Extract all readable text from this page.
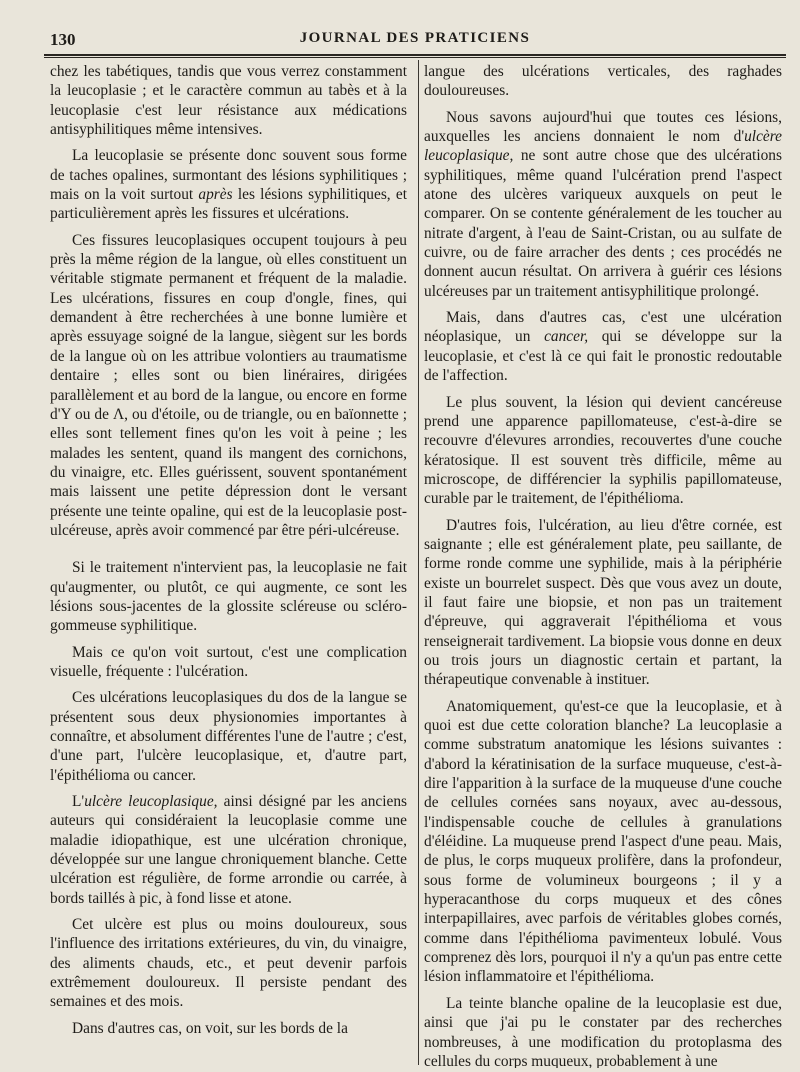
130	JOURNAL DES PRATICIENS

chez les tabétiques, tandis que vous verrez constamment la leucoplasie ; et le caractère commun au tabès et à la leucoplasie c'est leur résistance aux médications antisyphilitiques même intensives.

La leucoplasie se présente donc souvent sous forme de taches opalines, surmontant des lésions syphilitiques ; mais on la voit surtout après les lésions syphilitiques, et particulièrement après les fissures et ulcérations.

Ces fissures leucoplasiques occupent toujours à peu près la même région de la langue, où elles constituent un véritable stigmate permanent et fréquent de la maladie. Les ulcérations, fissures en coup d'ongle, fines, qui demandent à être recherchées à une bonne lumière et après essuyage soigné de la langue, siègent sur les bords de la langue où on les attribue volontiers au traumatisme dentaire ; elles sont ou bien linéraires, dirigées parallèlement et au bord de la langue, ou encore en forme d'Y ou de Λ, ou d'étoile, ou de triangle, ou en baïonnette ; elles sont tellement fines qu'on les voit à peine ; les malades les sentent, quand ils mangent des cornichons, du vinaigre, etc. Elles guérissent, souvent spontanément mais laissent une petite dépression dont le versant présente une teinte opaline, qui est de la leucoplasie post-ulcéreuse, après avoir commencé par être péri-ulcéreuse.

Si le traitement n'intervient pas, la leucoplasie ne fait qu'augmenter, ou plutôt, ce qui augmente, ce sont les lésions sous-jacentes de la glossite scléreuse ou scléro-gommeuse syphilitique.

Mais ce qu'on voit surtout, c'est une complication visuelle, fréquente : l'ulcération.

Ces ulcérations leucoplasiques du dos de la langue se présentent sous deux physionomies importantes à connaître, et absolument différentes l'une de l'autre ; c'est, d'une part, l'ulcère leucoplasique, et, d'autre part, l'épithélioma ou cancer.

L'ulcère leucoplasique, ainsi désigné par les anciens auteurs qui considéraient la leucoplasie comme une maladie idiopathique, est une ulcération chronique, développée sur une langue chroniquement blanche. Cette ulcération est régulière, de forme arrondie ou carrée, à bords taillés à pic, à fond lisse et atone.

Cet ulcère est plus ou moins douloureux, sous l'influence des irritations extérieures, du vin, du vinaigre, des aliments chauds, etc., et peut devenir parfois extrêmement douloureux. Il persiste pendant des semaines et des mois.

Dans d'autres cas, on voit, sur les bords de la

langue des ulcérations verticales, des raghades douloureuses.

Nous savons aujourd'hui que toutes ces lésions, auxquelles les anciens donnaient le nom d'ulcère leucoplasique, ne sont autre chose que des ulcérations syphilitiques, même quand l'ulcération prend l'aspect atone des ulcères variqueux auxquels on peut le comparer. On se contente généralement de les toucher au nitrate d'argent, à l'eau de Saint-Cristan, ou au sulfate de cuivre, ou de faire arracher des dents ; ces procédés ne donnent aucun résultat. On arrivera à guérir ces lésions ulcéreuses par un traitement antisyphilitique prolongé.

Mais, dans d'autres cas, c'est une ulcération néoplasique, un cancer, qui se développe sur la leucoplasie, et c'est là ce qui fait le pronostic redoutable de l'affection.

Le plus souvent, la lésion qui devient cancéreuse prend une apparence papillomateuse, c'est-à-dire se recouvre d'élevures arrondies, recouvertes d'une couche kératosique. Il est souvent très difficile, même au microscope, de différencier la syphilis papillomateuse, curable par le traitement, de l'épithélioma.

D'autres fois, l'ulcération, au lieu d'être cornée, est saignante ; elle est généralement plate, peu saillante, de forme ronde comme une syphilide, mais à la périphérie existe un bourrelet suspect. Dès que vous avez un doute, il faut faire une biopsie, et non pas un traitement d'épreuve, qui aggraverait l'épithélioma et vous renseignerait tardivement. La biopsie vous donne en deux ou trois jours un diagnostic certain et partant, la thérapeutique convenable à instituer.

Anatomiquement, qu'est-ce que la leucoplasie, et à quoi est due cette coloration blanche? La leucoplasie a comme substratum anatomique les lésions suivantes : d'abord la kératinisation de la surface muqueuse, c'est-à-dire l'apparition à la surface de la muqueuse d'une couche de cellules cornées sans noyaux, avec au-dessous, l'indispensable couche de cellules à granulations d'éléidine. La muqueuse prend l'aspect d'une peau. Mais, de plus, le corps muqueux prolifère, dans la profondeur, sous forme de volumineux bourgeons ; il y a hyperacanthose du corps muqueux et des cônes interpapillaires, avec parfois de véritables globes cornés, comme dans l'épithélioma pavimenteux lobulé. Vous comprenez dès lors, pourquoi il n'y a qu'un pas entre cette lésion inflammatoire et l'épithélioma.

La teinte blanche opaline de la leucoplasie est due, ainsi que j'ai pu le constater par des recherches nombreuses, à une modification du protoplasma des cellules du corps muqueux, probablement à une
